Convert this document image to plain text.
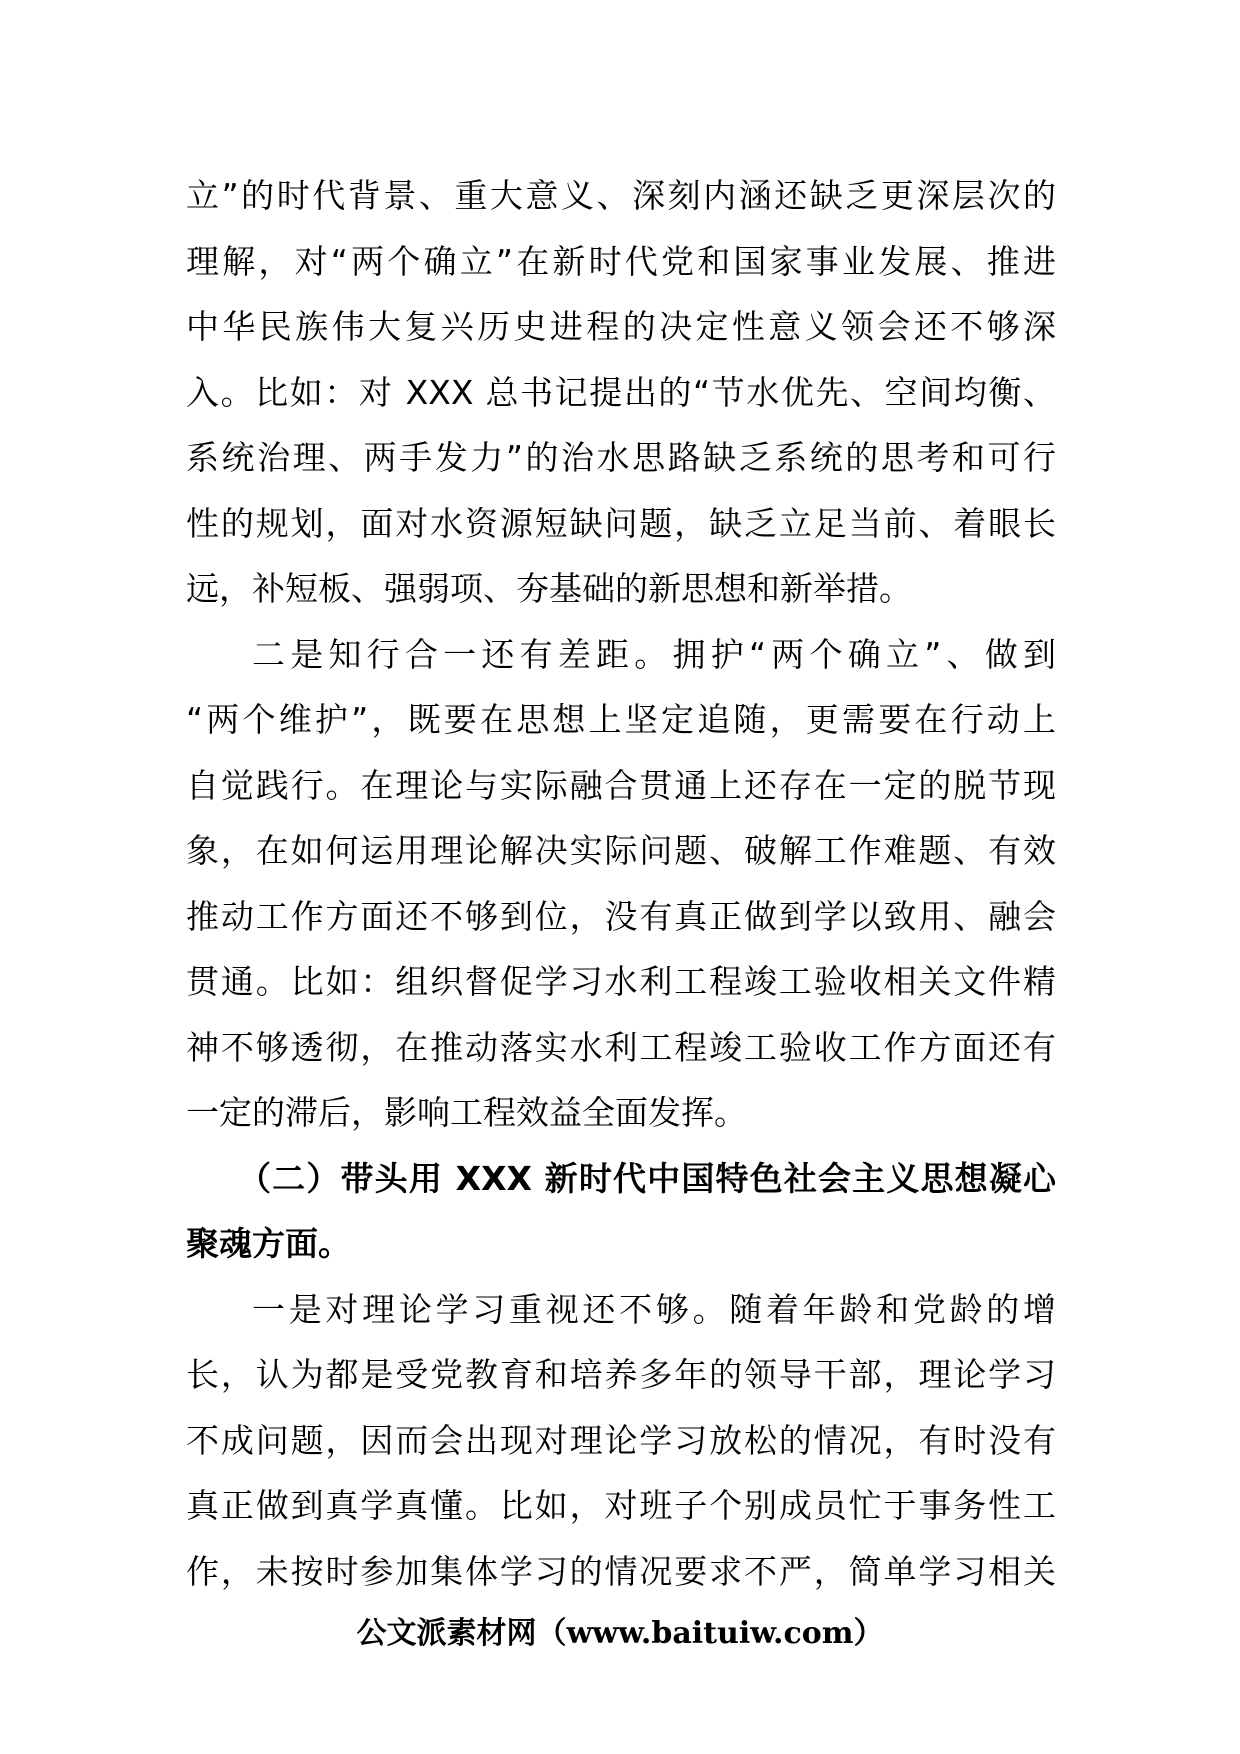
立”的时代背景、重大意义、深刻内涵还缺乏更深层次的
理解，对“两个确立”在新时代党和国家事业发展、推进
中华民族伟大复兴历史进程的决定性意义领会还不够深
入。比如：对 XXX 总书记提出的“节水优先、空间均衡、
系统治理、两手发力”的治水思路缺乏系统的思考和可行
性的规划，面对水资源短缺问题，缺乏立足当前、着眼长
远，补短板、强弱项、夯基础的新思想和新举措。
二是知行合一还有差距。拥护“两个确立”、做到
“两个维护”，既要在思想上坚定追随，更需要在行动上
自觉践行。在理论与实际融合贯通上还存在一定的脱节现
象，在如何运用理论解决实际问题、破解工作难题、有效
推动工作方面还不够到位，没有真正做到学以致用、融会
贯通。比如：组织督促学习水利工程竣工验收相关文件精
神不够透彻，在推动落实水利工程竣工验收工作方面还有
一定的滞后，影响工程效益全面发挥。
（二）带头用 XXX 新时代中国特色社会主义思想凝心
聚魂方面。
一是对理论学习重视还不够。随着年龄和党龄的增
长，认为都是受党教育和培养多年的领导干部，理论学习
不成问题，因而会出现对理论学习放松的情况，有时没有
真正做到真学真懂。比如，对班子个别成员忙于事务性工
作，未按时参加集体学习的情况要求不严，简单学习相关
公文派素材网（www.baituiw.com）
